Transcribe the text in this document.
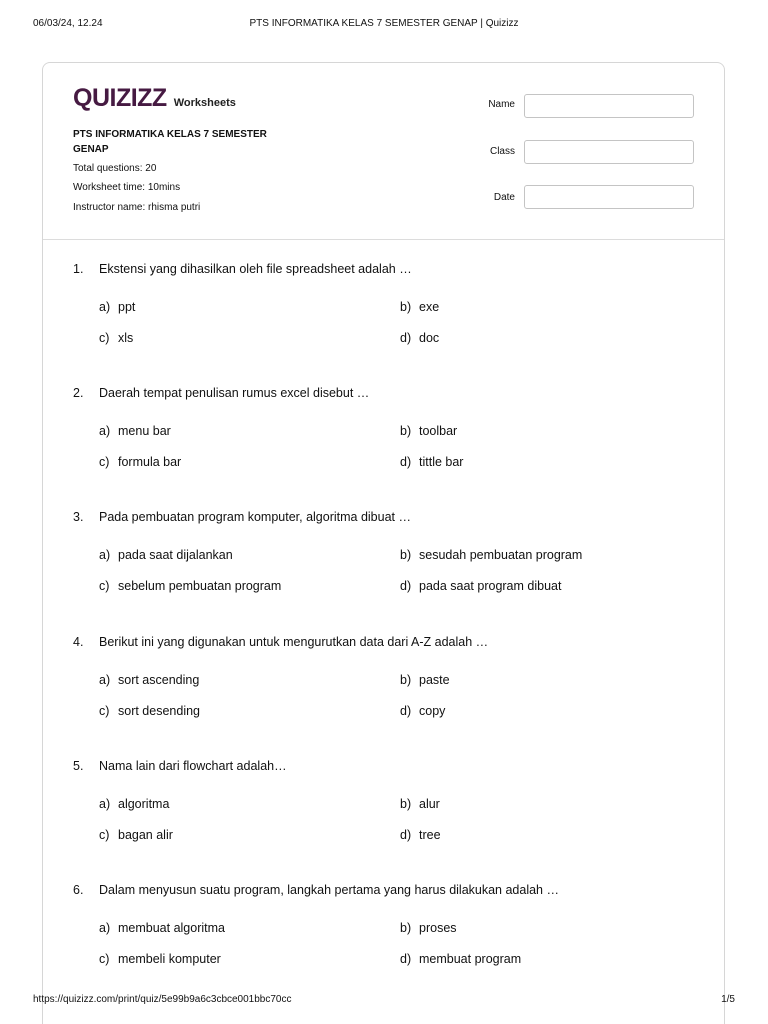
06/03/24, 12.24	PTS INFORMATIKA KELAS 7 SEMESTER GENAP | Quizizz
QUIZIZZ Worksheets
PTS INFORMATIKA KELAS 7 SEMESTER GENAP
Total questions: 20
Worksheet time: 10mins
Instructor name: rhisma putri
Name
Class
Date
1. Ekstensi yang dihasilkan oleh file spreadsheet adalah …
a) ppt	b) exe
c) xls	d) doc
2. Daerah tempat penulisan rumus excel disebut …
a) menu bar	b) toolbar
c) formula bar	d) tittle bar
3. Pada pembuatan program komputer, algoritma dibuat …
a) pada saat dijalankan	b) sesudah pembuatan program
c) sebelum pembuatan program	d) pada saat program dibuat
4. Berikut ini yang digunakan untuk mengurutkan data dari A-Z adalah …
a) sort ascending	b) paste
c) sort desending	d) copy
5. Nama lain dari flowchart adalah…
a) algoritma	b) alur
c) bagan alir	d) tree
6. Dalam menyusun suatu program, langkah pertama yang harus dilakukan adalah …
a) membuat algoritma	b) proses
c) membeli komputer	d) membuat program
https://quizizz.com/print/quiz/5e99b9a6c3cbce001bbc70cc	1/5
